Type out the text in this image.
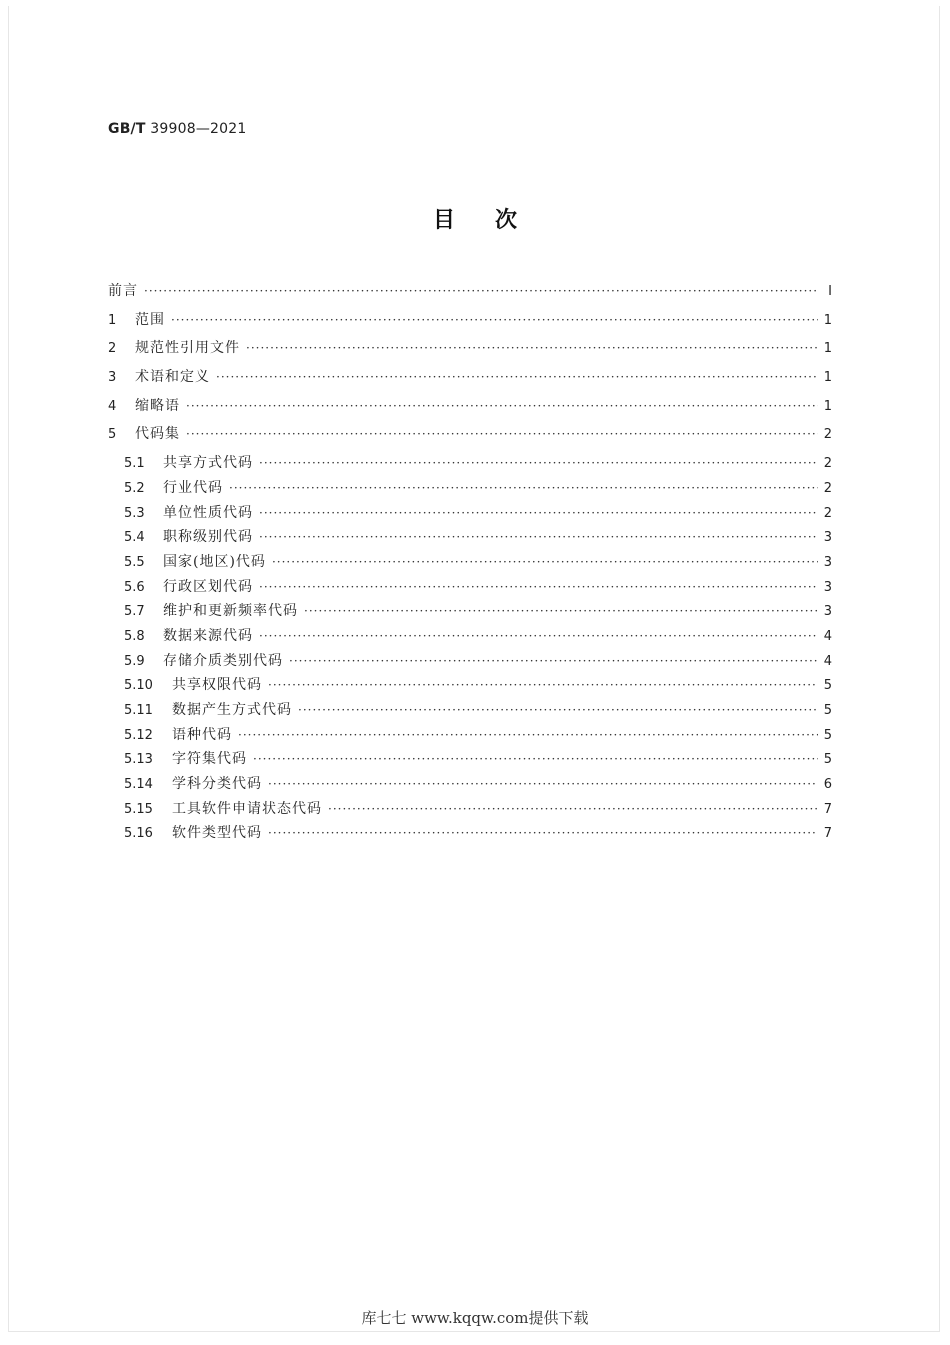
GB/T 39908—2021
目次
前言 ·····	I
1	范围 ·····	1
2	规范性引用文件 ·····	1
3	术语和定义 ·····	1
4	缩略语 ·····	1
5	代码集 ·····	2
5.1	共享方式代码 ·····	2
5.2	行业代码 ·····	2
5.3	单位性质代码 ·····	2
5.4	职称级别代码 ·····	3
5.5	国家(地区)代码 ·····	3
5.6	行政区划代码 ·····	3
5.7	维护和更新频率代码 ·····	3
5.8	数据来源代码 ·····	4
5.9	存储介质类别代码 ·····	4
5.10	共享权限代码 ·····	5
5.11	数据产生方式代码 ·····	5
5.12	语种代码 ·····	5
5.13	字符集代码 ·····	5
5.14	学科分类代码 ·····	6
5.15	工具软件申请状态代码 ·····	7
5.16	软件类型代码 ·····	7
库七七 www.kqqw.com提供下载
